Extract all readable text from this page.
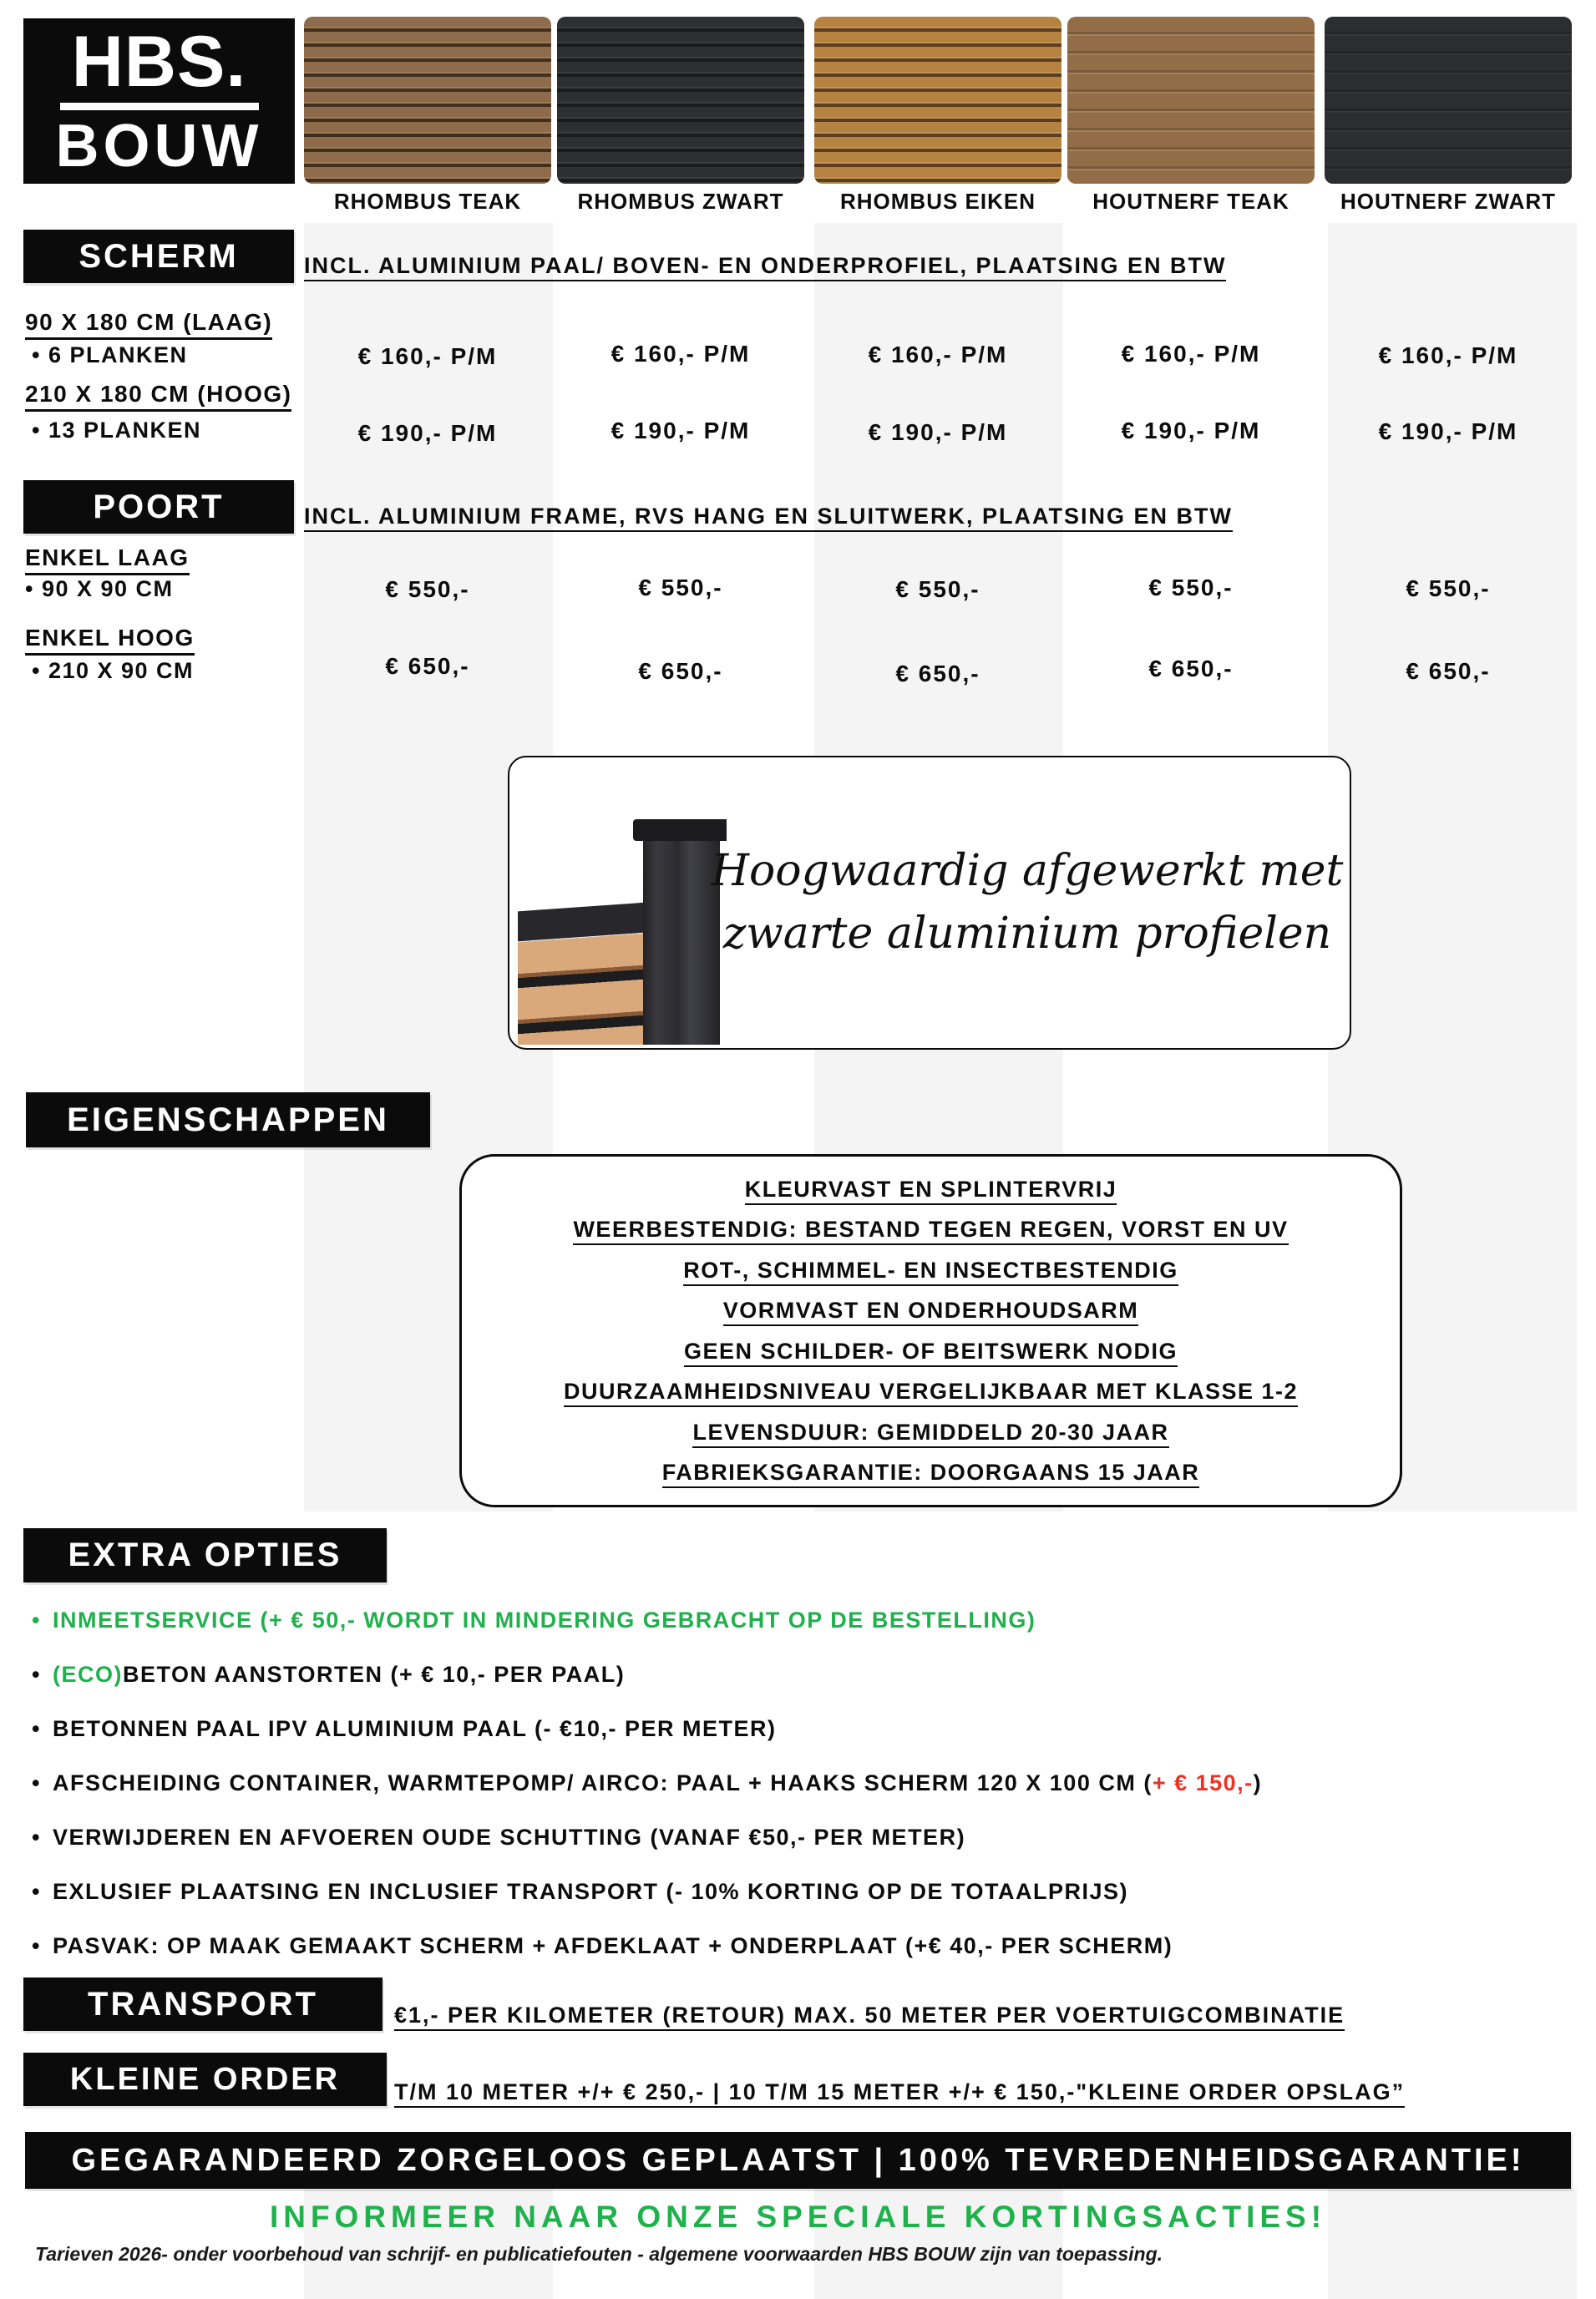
HBS.
BOUW
RHOMBUS TEAK	RHOMBUS ZWART	RHOMBUS EIKEN	HOUTNERF TEAK	HOUTNERF ZWART
SCHERM	INCL. ALUMINIUM PAAL/ BOVEN- EN ONDERPROFIEL, PLAATSING EN BTW
90 X 180 CM (LAAG)
• 6 PLANKEN	€ 160,- P/M	€ 160,- P/M	€ 160,- P/M	€ 160,- P/M	€ 160,- P/M
210 X 180 CM (HOOG)
• 13 PLANKEN	€ 190,- P/M	€ 190,- P/M	€ 190,- P/M	€ 190,- P/M	€ 190,- P/M
POORT	INCL. ALUMINIUM FRAME, RVS HANG EN SLUITWERK, PLAATSING EN BTW
ENKEL LAAG
• 90 X 90 CM	€ 550,-	€ 550,-	€ 550,-	€ 550,-	€ 550,-
ENKEL HOOG
• 210 X 90 CM	€ 650,-	€ 650,-	€ 650,-	€ 650,-	€ 650,-
Hoogwaardig afgewerkt met
zwarte aluminium profielen
EIGENSCHAPPEN
KLEURVAST EN SPLINTERVRIJ
WEERBESTENDIG: BESTAND TEGEN REGEN, VORST EN UV
ROT-, SCHIMMEL- EN INSECTBESTENDIG
VORMVAST EN ONDERHOUDSARM
GEEN SCHILDER- OF BEITSWERK NODIG
DUURZAAMHEIDSNIVEAU VERGELIJKBAAR MET KLASSE 1-2
LEVENSDUUR: GEMIDDELD 20-30 JAAR
FABRIEKSGARANTIE: DOORGAANS 15 JAAR
EXTRA OPTIES
• INMEETSERVICE (+ € 50,- WORDT IN MINDERING GEBRACHT OP DE BESTELLING)
• (ECO)BETON AANSTORTEN (+ € 10,- PER PAAL)
• BETONNEN PAAL IPV ALUMINIUM PAAL (- €10,- PER METER)
• AFSCHEIDING CONTAINER, WARMTEPOMP/ AIRCO: PAAL + HAAKS SCHERM 120 X 100 CM (+ € 150,-)
• VERWIJDEREN EN AFVOEREN OUDE SCHUTTING (VANAF €50,- PER METER)
• EXLUSIEF PLAATSING EN INCLUSIEF TRANSPORT (- 10% KORTING OP DE TOTAALPRIJS)
• PASVAK: OP MAAK GEMAAKT SCHERM + AFDEKLAAT + ONDERPLAAT (+€ 40,- PER SCHERM)
TRANSPORT	€1,- PER KILOMETER (RETOUR) MAX. 50 METER PER VOERTUIGCOMBINATIE
KLEINE ORDER	T/M 10 METER +/+ € 250,- | 10 T/M 15 METER +/+ € 150,-"KLEINE ORDER OPSLAG”
GEGARANDEERD ZORGELOOS GEPLAATST | 100% TEVREDENHEIDSGARANTIE!
INFORMEER NAAR ONZE SPECIALE KORTINGSACTIES!
Tarieven 2026- onder voorbehoud van schrijf- en publicatiefouten - algemene voorwaarden HBS BOUW zijn van toepassing.
